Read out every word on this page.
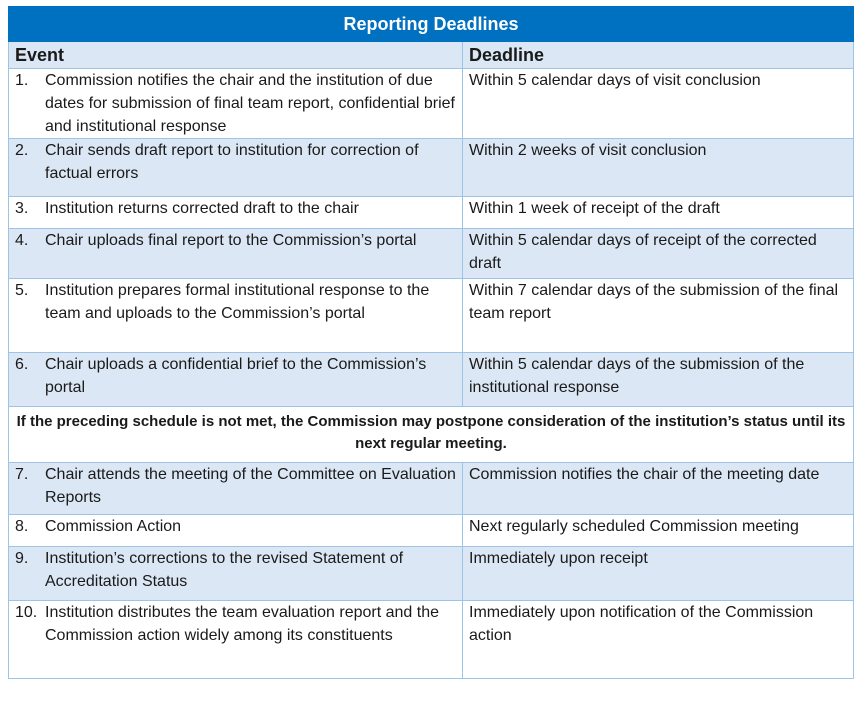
Reporting Deadlines	
Event	Deadline

1. Commission notifies the chair and the institution of due dates for submission of final team report, confidential brief and institutional response	Within 5 calendar days of visit conclusion

2. Chair sends draft report to institution for correction of factual errors	Within 2 weeks of visit conclusion

3. Institution returns corrected draft to the chair	Within 1 week of receipt of the draft

4. Chair uploads final report to the Commission’s portal	Within 5 calendar days of receipt of the corrected draft

5. Institution prepares formal institutional response to the team and uploads to the Commission’s portal	Within 7 calendar days of the submission of the final team report

6. Chair uploads a confidential brief to the Commission’s portal	Within 5 calendar days of the submission of the institutional response
If the preceding schedule is not met, the Commission may postpone consideration of the institution’s status until its next regular meeting.	

7. Chair attends the meeting of the Committee on Evaluation Reports	Commission notifies the chair of the meeting date

8. Commission Action	Next regularly scheduled Commission meeting

9. Institution’s corrections to the revised Statement of Accreditation Status	Immediately upon receipt

10. Institution distributes the team evaluation report and the Commission action widely among its constituents	Immediately upon notification of the Commission action
